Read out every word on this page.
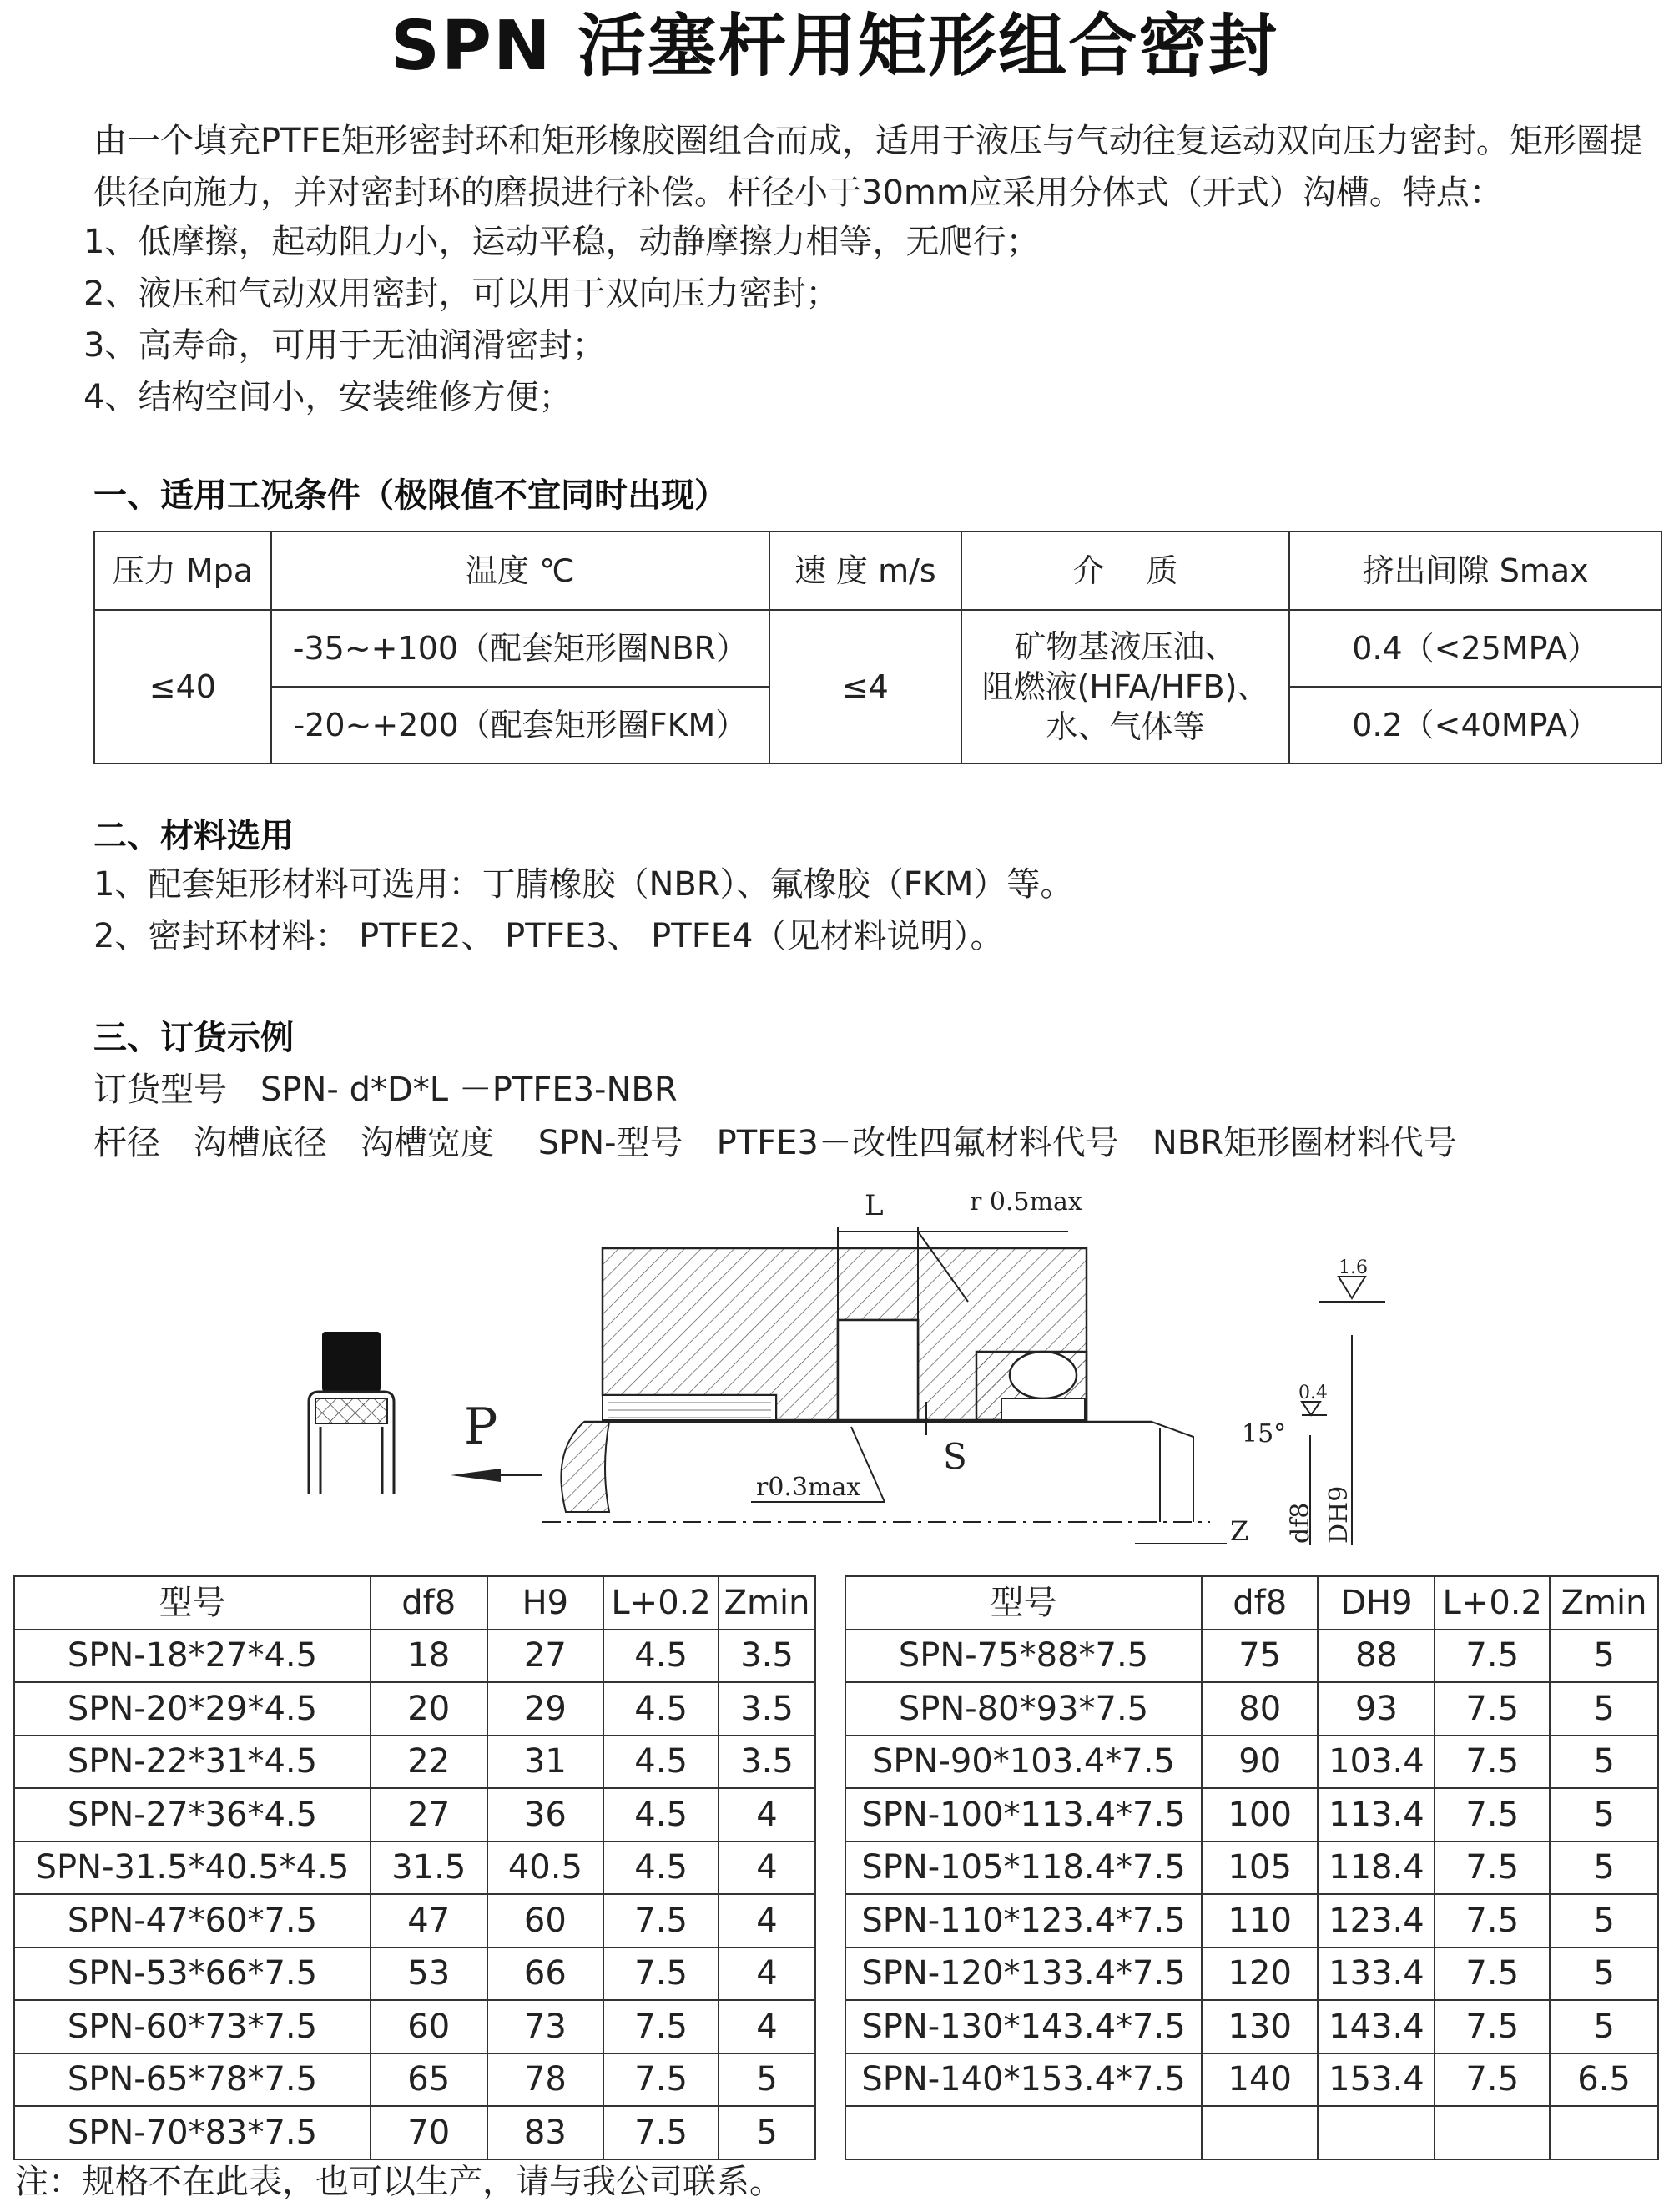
SPN 活塞杆用矩形组合密封
由一个填充PTFE矩形密封环和矩形橡胶圈组合而成，适用于液压与气动往复运动双向压力密封。矩形圈提供径向施力，并对密封环的磨损进行补偿。杆径小于30mm应采用分体式（开式）沟槽。特点：
1、低摩擦，起动阻力小，运动平稳，动静摩擦力相等，无爬行；
2、液压和气动双用密封，可以用于双向压力密封；
3、高寿命，可用于无油润滑密封；
4、结构空间小，安装维修方便；
一、适用工况条件（极限值不宜同时出现）
压力 Mpa	温度 ℃	速 度 m/s	介　 质	挤出间隙 Smax
≤40	-35~+100（配套矩形圈NBR）	≤4	矿物基液压油、
阻燃液(HFA/HFB)、
水、气体等	0.4（<25MPA）
	-20~+200（配套矩形圈FKM）			0.2（<40MPA）
二、材料选用
1、配套矩形材料可选用：丁腈橡胶（NBR）、氟橡胶（FKM）等。
2、密封环材料： PTFE2、 PTFE3、 PTFE4（见材料说明）。
三、订货示例
订货型号　SPN- d*D*L －PTFE3-NBR
杆径　沟槽底径　沟槽宽度　 SPN-型号　PTFE3－改性四氟材料代号　NBR矩形圈材料代号
L	r 0.5max
r0.3max
P
S
1.6
0.4
15°
Z df8 DH9
型号	df8	H9	L+0.2	Zmin
SPN-18*27*4.5	18	27	4.5	3.5
SPN-20*29*4.5	20	29	4.5	3.5
SPN-22*31*4.5	22	31	4.5	3.5
SPN-27*36*4.5	27	36	4.5	4
SPN-31.5*40.5*4.5	31.5	40.5	4.5	4
SPN-47*60*7.5	47	60	7.5	4
SPN-53*66*7.5	53	66	7.5	4
SPN-60*73*7.5	60	73	7.5	4
SPN-65*78*7.5	65	78	7.5	5
SPN-70*83*7.5	70	83	7.5	5
型号	df8	DH9	L+0.2	Zmin
SPN-75*88*7.5	75	88	7.5	5
SPN-80*93*7.5	80	93	7.5	5
SPN-90*103.4*7.5	90	103.4	7.5	5
SPN-100*113.4*7.5	100	113.4	7.5	5
SPN-105*118.4*7.5	105	118.4	7.5	5
SPN-110*123.4*7.5	110	123.4	7.5	5
SPN-120*133.4*7.5	120	133.4	7.5	5
SPN-130*143.4*7.5	130	143.4	7.5	5
SPN-140*153.4*7.5	140	153.4	7.5	6.5

注：规格不在此表，也可以生产，请与我公司联系。
